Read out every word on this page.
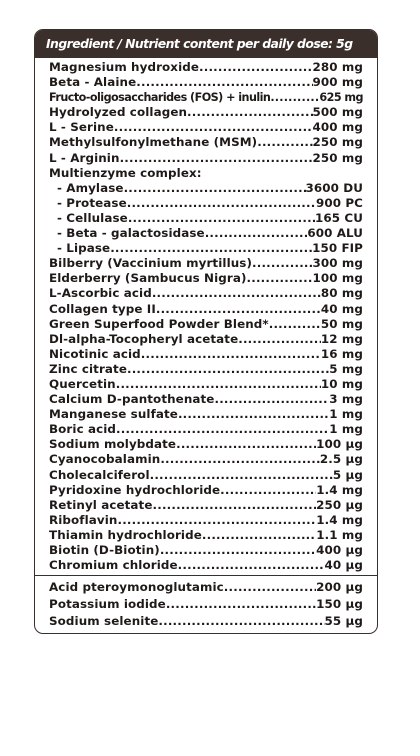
Ingredient / Nutrient content per daily dose: 5g
Magnesium hydroxide .....	280 mg
Beta - Alaine .....	900 mg
Fructo-oligosaccharides (FOS) + inulin .....	625 mg
Hydrolyzed collagen .....	500 mg
L - Serine .....	400 mg
Methylsulfonylmethane (MSM) .....	250 mg
L - Arginin .....	250 mg
Multienzyme complex:
- Amylase .....	3600 DU
- Protease .....	900 PC
- Cellulase .....	165 CU
- Beta - galactosidase .....	600 ALU
- Lipase .....	150 FIP
Bilberry (Vaccinium myrtillus) .....	300 mg
Elderberry (Sambucus Nigra) .....	100 mg
L-Ascorbic acid .....	80 mg
Collagen type II .....	40 mg
Green Superfood Powder Blend* .....	50 mg
Dl-alpha-Tocopheryl acetate .....	12 mg
Nicotinic acid .....	16 mg
Zinc citrate .....	5 mg
Quercetin .....	10 mg
Calcium D-pantothenate .....	3 mg
Manganese sulfate .....	1 mg
Boric acid .....	1 mg
Sodium molybdate .....	100 µg
Cyanocobalamin .....	2.5 µg
Cholecalciferol .....	5 µg
Pyridoxine hydrochloride .....	1.4 mg
Retinyl acetate .....	250 µg
Riboflavin .....	1.4 mg
Thiamin hydrochloride .....	1.1 mg
Biotin (D-Biotin) .....	400 µg
Chromium chloride .....	40 µg
Acid pteroymonoglutamic .....	200 µg
Potassium iodide .....	150 µg
Sodium selenite .....	55 µg
